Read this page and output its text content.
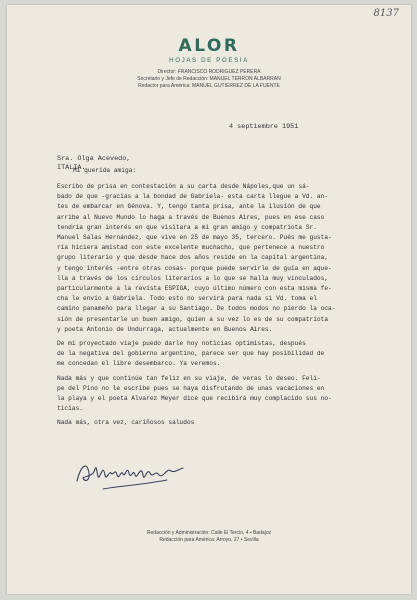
8137
ALOR
HOJAS DE POESIA
Director: FRANCISCO RODRIGUEZ PERERA
Secretario y Jefe de Redacción: MANUEL TERRON ALBARRAN
Redactor para América: MANUEL GUTIERREZ DE LA FUENTE
4 septiembre 1951
Sra. Olga Acevedo,
ITALIA.
Mi querida amiga:
Escribo de prisa en contestación a su carta desde Nápoles,que un sá-
bado de que -gracias a la bondad de Gabriela- esta carta llegue a Vd. an-
tes de embarcar en Génova. Y, tengo tanta prisa, ante la ilusión de que
arribe al Nuevo Mundo lo haga a través de Buenos Aires, pues en ese caso
tendría gran interés en que visitara a mi gran amigo y compatriota Sr.
Manuel Salas Hernández, que vive en 25 de mayo 35, tercero. Pués me gusta-
ría hiciera amistad con este excelente muchacho, que pertenece a nuestro
grupo literario y que desde hace dos años reside en la capital argentina,
y tengo interés -entre otras cosas- porque puede servirle de guía en aque-
lla a través de los círculos literarios a lo que se halla muy vinculados,
particularmente a la revista ESPIGA, cuyo último número con esta misma fe-
cha le envío a Gabriela. Todo esto no servirá para nada si Vd. toma el
camino panameño para llegar a su Santiago. De todos modos no pierdo la oca-
sión de presentarle un buen amigo, quien a su vez lo es de su compatriota
y poeta Antonio de Undurraga, actualmente en Buenos Aires.
De mi proyectado viaje puedo darle hoy noticias optimistas, después
de la negativa del gobierno argentino, parece ser que hay posibilidad de
me concedan el libre desembarco. Ya veremos.
Nada más y que continúe tan feliz en su viaje, de veras lo deseo. Feli-
pe del Pino no le escribe pues se haya disfrutando de unas vacaciones en
la playa y el poeta Alvarez Meyer dice que recibirá muy complacido sus no-
ticias.
Nada más, otra vez, cariñosos saludos
Redacción y Administración: Calle El Tercio, 4 • Badajoz
Redacción para América: Arroyo, 27 • Sevilla
